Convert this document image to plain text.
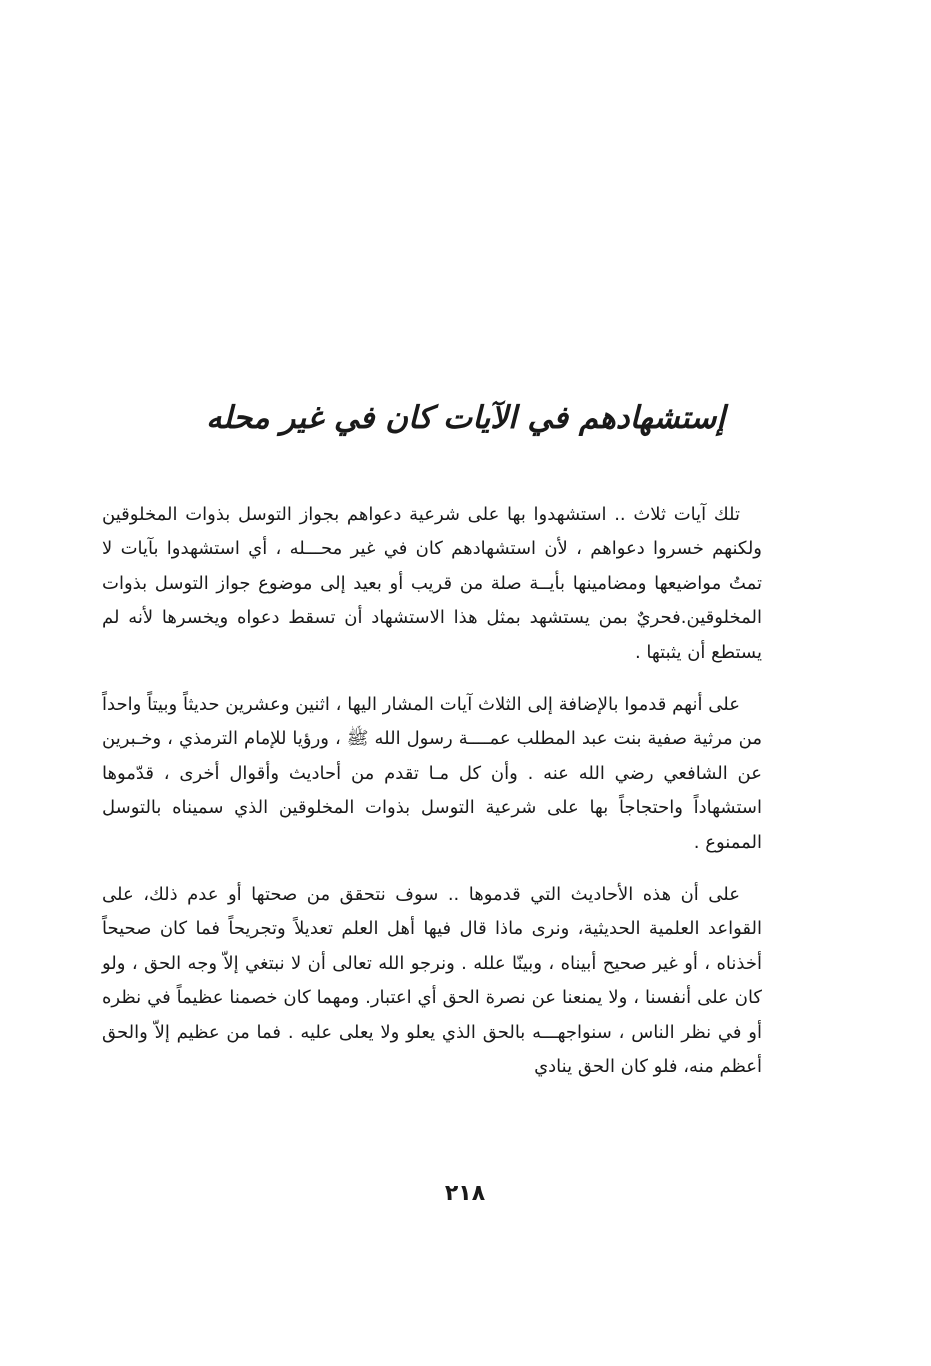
إستشهادهم في الآيات كان في غير محله

تلك آيات ثلاث .. استشهدوا بها على شرعية دعواهم بجواز التوسل بذوات المخلوقين ولكنهم خسروا دعواهم ، لأن استشهادهم كان في غير محـــله ، أي استشهدوا بآيات لا تمتُ مواضيعها ومضامينها بأيــة صلة من قريب أو بعيد إلى موضوع جواز التوسل بذوات المخلوقين.فحريٌ بمن يستشهد بمثل هذا الاستشهاد أن تسقط دعواه ويخسرها لأنه لم يستطع أن يثبتها .

على أنهم قدموا بالإضافة إلى الثلاث آيات المشار اليها ، اثنين وعشرين حديثاً وبيتاً واحداً من مرثية صفية بنت عبد المطلب عمــــة رسول الله ﷺ ، ورؤيا للإمام الترمذي ، وخـبرين عن الشافعي رضي الله عنه . وأن كل مـا تقدم من أحاديث وأقوال أخرى ، قدّموها استشهاداً واحتجاجاً بها على شرعية التوسل بذوات المخلوقين الذي سميناه بالتوسل الممنوع .

على أن هذه الأحاديث التي قدموها .. سوف نتحقق من صحتها أو عدم ذلك، على القواعد العلمية الحديثية، ونرى ماذا قال فيها أهل العلم تعديلاً وتجريحاً فما كان صحيحاً أخذناه ، أو غير صحيح أبيناه ، وبينّا علله . ونرجو الله تعالى أن لا نبتغي إلاّ وجه الحق ، ولو كان على أنفسنا ، ولا يمنعنا عن نصرة الحق أي اعتبار. ومهما كان خصمنا عظيماً في نظره أو في نظر الناس ، سنواجهـــه بالحق الذي يعلو ولا يعلى عليه . فما من عظيم إلاّ والحق أعظم منه، فلو كان الحق ينادي

٢١٨
